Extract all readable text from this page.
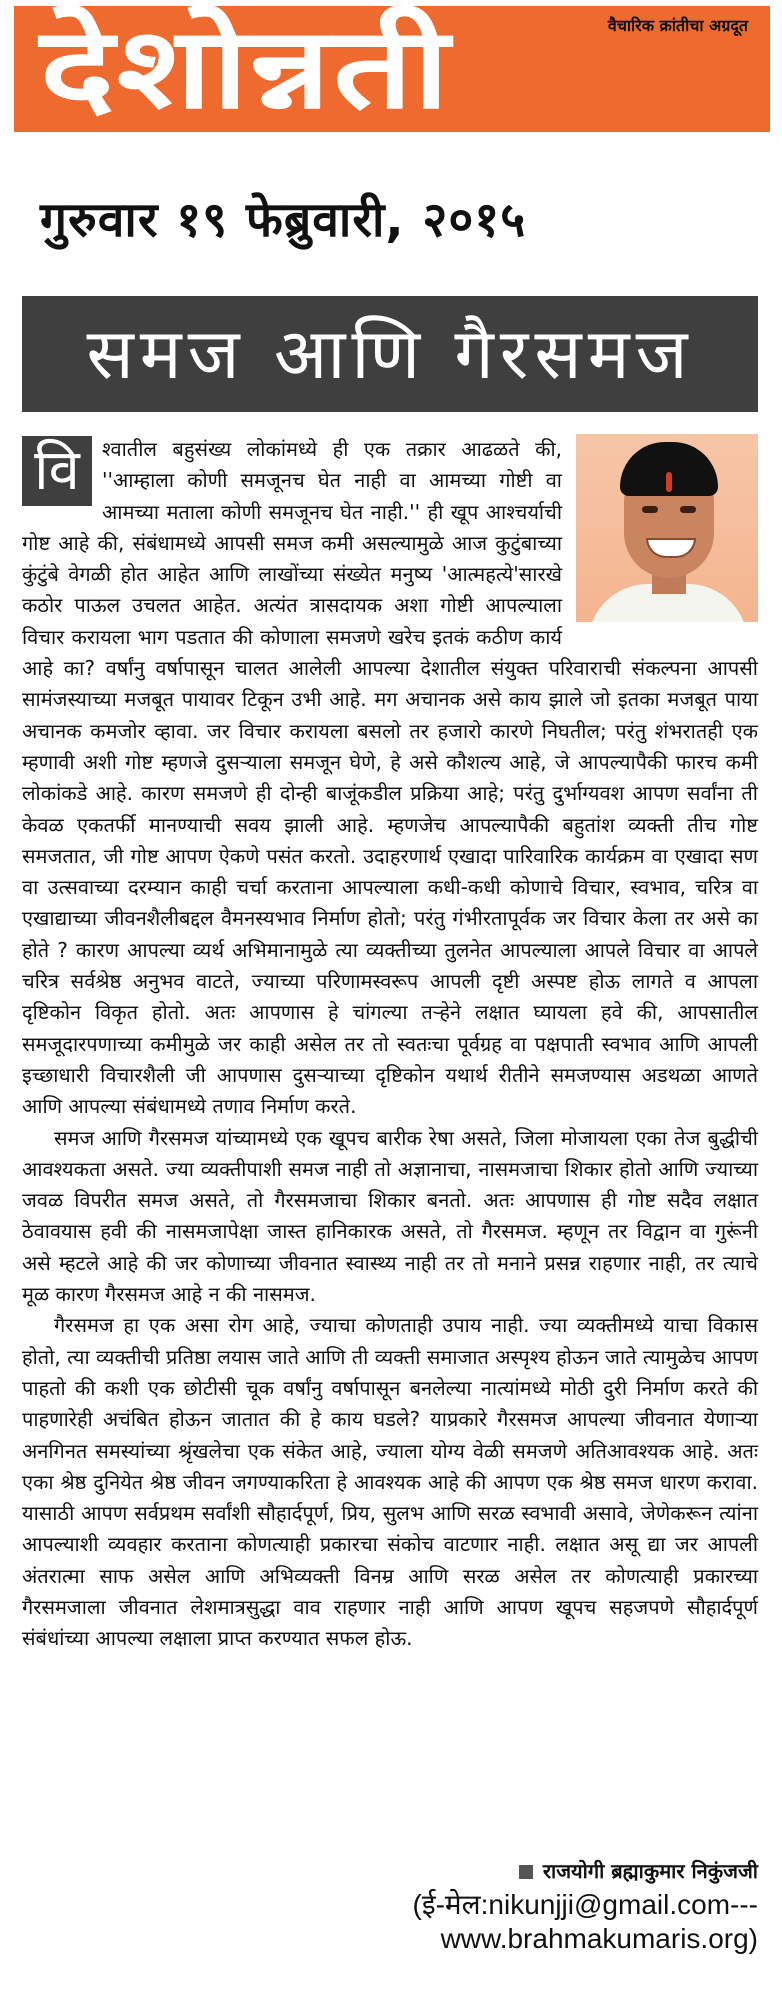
देशोन्नती	वैचारिक क्रांतीचा अग्रदूत
गुरुवार १९ फेब्रुवारी, २०१५
समज आणि गैरसमज
वि	श्वातील बहुसंख्य लोकांमध्ये ही एक तक्रार आढळते की, ''आम्हाला कोणी समजूनच घेत नाही वा आमच्या गोष्टी वा आमच्या मताला कोणी समजूनच घेत नाही.'' ही खूप आश्चर्याची गोष्ट आहे की, संबंधामध्ये आपसी समज कमी असल्यामुळे आज कुटुंबाच्या कुंटुंबे वेगळी होत आहेत आणि लाखोंच्या संख्येत मनुष्य 'आत्महत्ये'सारखे कठोर पाऊल उचलत आहेत. अत्यंत त्रासदायक अशा गोष्टी आपल्याला विचार करायला भाग पडतात की कोणाला समजणे खरेच इतकं कठीण कार्य आहे का? वर्षांनु वर्षापासून चालत आलेली आपल्या देशातील संयुक्त परिवाराची संकल्पना आपसी सामंजस्याच्या मजबूत पायावर टिकून उभी आहे. मग अचानक असे काय झाले जो इतका मजबूत पाया अचानक कमजोर व्हावा. जर विचार करायला बसलो तर हजारो कारणे निघतील; परंतु शंभरातही एक म्हणावी अशी गोष्ट म्हणजे दुसऱ्याला समजून घेणे, हे असे कौशल्य आहे, जे आपल्यापैकी फारच कमी लोकांकडे आहे. कारण समजणे ही दोन्ही बाजूंकडील प्रक्रिया आहे; परंतु दुर्भाग्यवश आपण सर्वांना ती केवळ एकतर्फी मानण्याची सवय झाली आहे. म्हणजेच आपल्यापैकी बहुतांश व्यक्ती तीच गोष्ट समजतात, जी गोष्ट आपण ऐकणे पसंत करतो. उदाहरणार्थ एखादा पारिवारिक कार्यक्रम वा एखादा सण वा उत्सवाच्या दरम्यान काही चर्चा करताना आपल्याला कधी-कधी कोणाचे विचार, स्वभाव, चरित्र वा एखाद्याच्या जीवनशैलीबद्दल वैमनस्यभाव निर्माण होतो; परंतु गंभीरतापूर्वक जर विचार केला तर असे का होते ? कारण आपल्या व्यर्थ अभिमानामुळे त्या व्यक्तीच्या तुलनेत आपल्याला आपले विचार वा आपले चरित्र सर्वश्रेष्ठ अनुभव वाटते, ज्याच्या परिणामस्वरूप आपली दृष्टी अस्पष्ट होऊ लागते व आपला दृष्टिकोन विकृत होतो. अतः आपणास हे चांगल्या तऱ्हेने लक्षात घ्यायला हवे की, आपसातील समजूदारपणाच्या कमीमुळे जर काही असेल तर तो स्वतःचा पूर्वग्रह वा पक्षपाती स्वभाव आणि आपली इच्छाधारी विचारशैली जी आपणास दुसऱ्याच्या दृष्टिकोन यथार्थ रीतीने समजण्यास अडथळा आणते आणि आपल्या संबंधामध्ये तणाव निर्माण करते.

समज आणि गैरसमज यांच्यामध्ये एक खूपच बारीक रेषा असते, जिला मोजायला एका तेज बुद्धीची आवश्यकता असते. ज्या व्यक्तीपाशी समज नाही तो अज्ञानाचा, नासमजाचा शिकार होतो आणि ज्याच्या जवळ विपरीत समज असते, तो गैरसमजाचा शिकार बनतो. अतः आपणास ही गोष्ट सदैव लक्षात ठेवावयास हवी की नासमजापेक्षा जास्त हानिकारक असते, तो गैरसमज. म्हणून तर विद्वान वा गुरूंनी असे म्हटले आहे की जर कोणाच्या जीवनात स्वास्थ्य नाही तर तो मनाने प्रसन्न राहणार नाही, तर त्याचे मूळ कारण गैरसमज आहे न की नासमज.

गैरसमज हा एक असा रोग आहे, ज्याचा कोणताही उपाय नाही. ज्या व्यक्तीमध्ये याचा विकास होतो, त्या व्यक्तीची प्रतिष्ठा लयास जाते आणि ती व्यक्ती समाजात अस्पृश्य होऊन जाते त्यामुळेच आपण पाहतो की कशी एक छोटीसी चूक वर्षांनु वर्षापासून बनलेल्या नात्यांमध्ये मोठी दुरी निर्माण करते की पाहणारेही अचंबित होऊन जातात की हे काय घडले? याप्रकारे गैरसमज आपल्या जीवनात येणाऱ्या अनगिनत समस्यांच्या श्रृंखलेचा एक संकेत आहे, ज्याला योग्य वेळी समजणे अतिआवश्यक आहे. अतः एका श्रेष्ठ दुनियेत श्रेष्ठ जीवन जगण्याकरिता हे आवश्यक आहे की आपण एक श्रेष्ठ समज धारण करावा. यासाठी आपण सर्वप्रथम सर्वांशी सौहार्दपूर्ण, प्रिय, सुलभ आणि सरळ स्वभावी असावे, जेणेकरून त्यांना आपल्याशी व्यवहार करताना कोणत्याही प्रकारचा संकोच वाटणार नाही. लक्षात असू द्या जर आपली अंतरात्मा साफ असेल आणि अभिव्यक्ती विनम्र आणि सरळ असेल तर कोणत्याही प्रकारच्या गैरसमजाला जीवनात लेशमात्रसुद्धा वाव राहणार नाही आणि आपण खूपच सहजपणे सौहार्दपूर्ण संबंधांच्या आपल्या लक्षाला प्राप्त करण्यात सफल होऊ.

राजयोगी ब्रह्माकुमार निकुंजजी
(ई-मेल:nikunjji@gmail.com---
www.brahmakumaris.org)
